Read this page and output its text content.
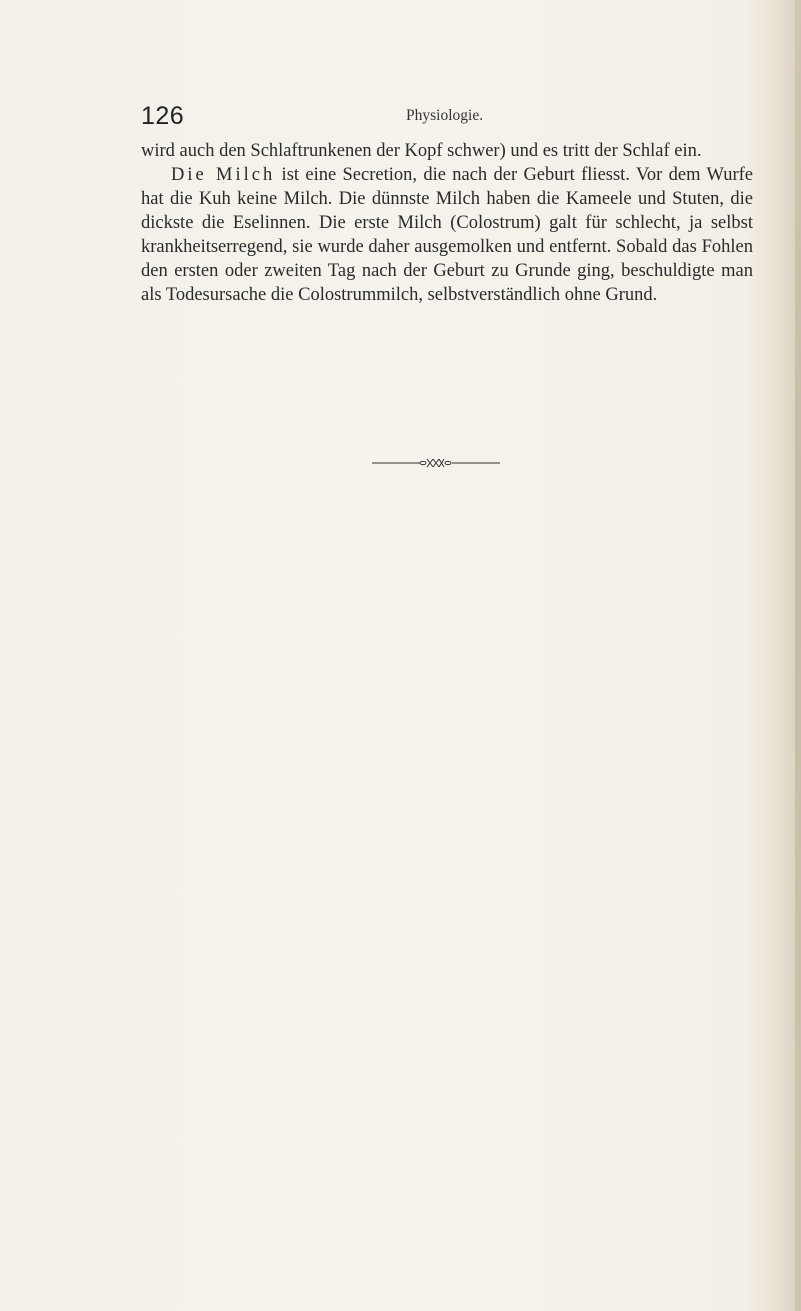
126	Physiologie.

wird auch den Schlaftrunkenen der Kopf schwer) und es tritt der Schlaf ein.

Die Milch ist eine Secretion, die nach der Geburt fliesst. Vor dem Wurfe hat die Kuh keine Milch. Die dünnste Milch haben die Kameele und Stuten, die dickste die Eselinnen. Die erste Milch (Colostrum) galt für schlecht, ja selbst krankheitserregend, sie wurde daher ausgemolken und entfernt. Sobald das Fohlen den ersten oder zweiten Tag nach der Geburt zu Grunde ging, beschuldigte man als Todesursache die Colostrummilch, selbstverständlich ohne Grund.
